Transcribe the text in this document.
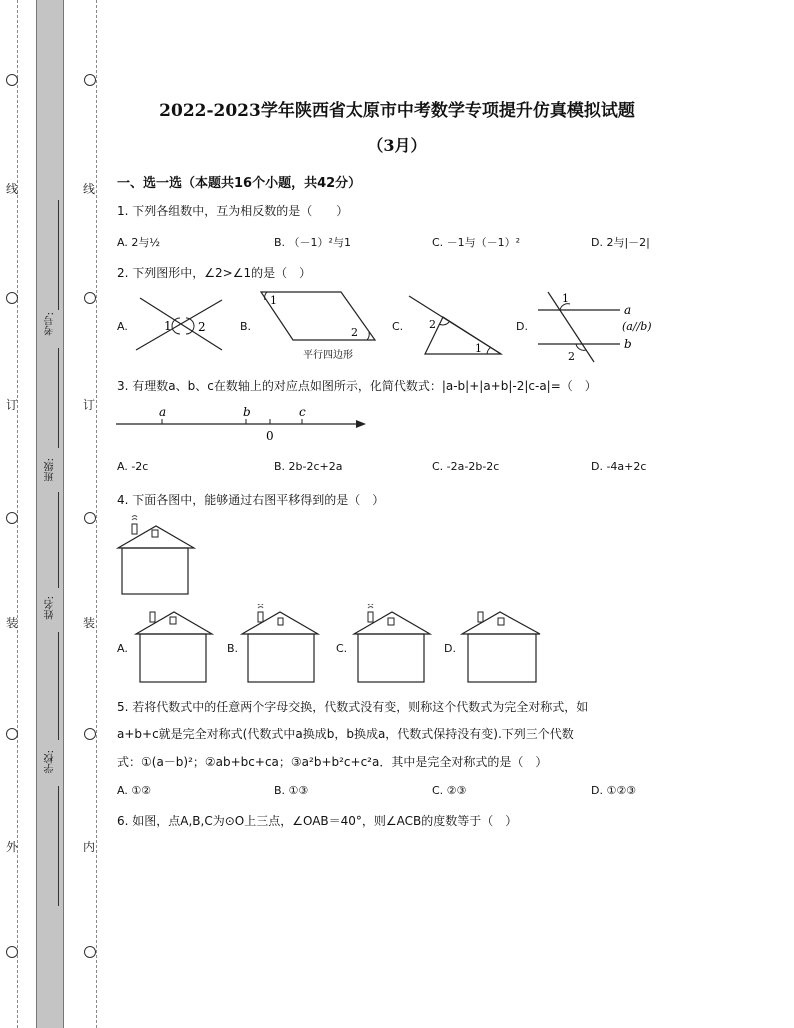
线
订
装
外
线
订
装
内
考号:
班级:
姓名:
学校:
2022-2023学年陕西省太原市中考数学专项提升仿真模拟试题
（3月）
一、选一选（本题共16个小题，共42分）
1. 下列各组数中，互为相反数的是（　　）
A. 2与½	B. （－1）²与1	C. －1与（－1）²	D. 2与|－2|
2. 下列图形中，∠2>∠1的是（　）
A.	1 2	B.
1
2
平行四边形
C. 2
1
D.
1
2
a
(a//b)
b
3. 有理数a、b、c在数轴上的对应点如图所示，化简代数式：|a-b|+|a+b|-2|c-a|=（　）
a	b	c
0
A. -2c	B. 2b-2c+2a	C. -2a-2b-2c	D. -4a+2c
4. 下面各图中，能够通过右图平移得到的是（　）
A.	B.	C.	D.
5. 若将代数式中的任意两个字母交换，代数式没有变，则称这个代数式为完全对称式，如
a+b+c就是完全对称式(代数式中a换成b，b换成a，代数式保持没有变).下列三个代数
式：①(a－b)²；②ab+bc+ca；③a²b+b²c+c²a．其中是完全对称式的是（　）
A. ①②	B. ①③	C. ②③	D. ①②③
6. 如图，点A,B,C为⊙O上三点，∠OAB＝40°，则∠ACB的度数等于（　）
